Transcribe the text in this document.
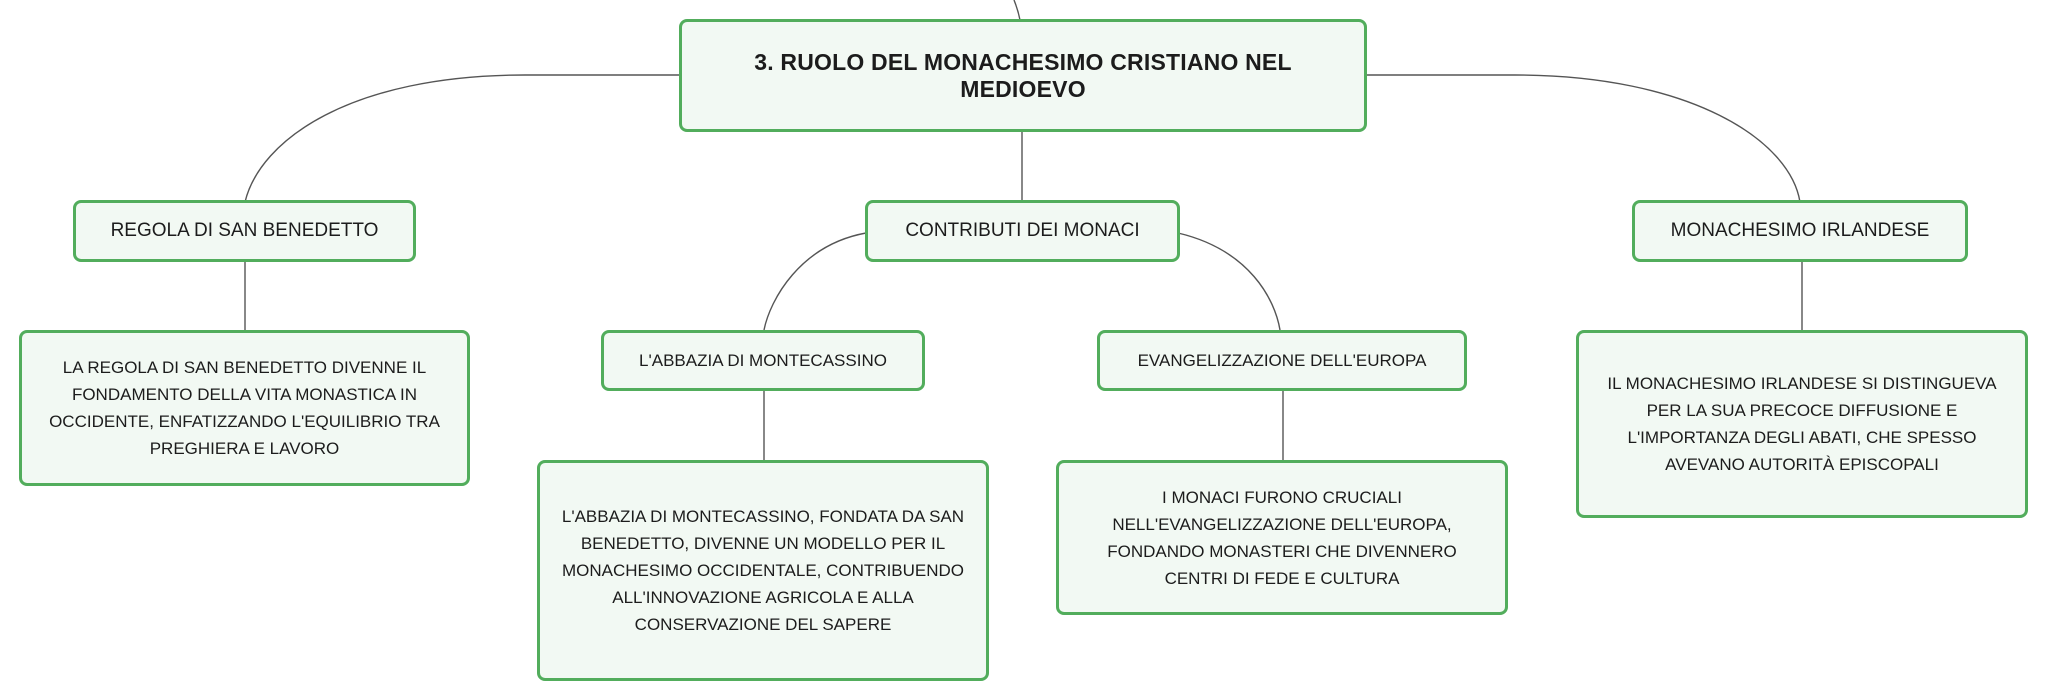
3. RUOLO DEL MONACHESIMO CRISTIANO NEL MEDIOEVO
REGOLA DI SAN BENEDETTO
LA REGOLA DI SAN BENEDETTO DIVENNE IL FONDAMENTO DELLA VITA MONASTICA IN OCCIDENTE, ENFATIZZANDO L'EQUILIBRIO TRA PREGHIERA E LAVORO
CONTRIBUTI DEI MONACI
L'ABBAZIA DI MONTECASSINO
L'ABBAZIA DI MONTECASSINO, FONDATA DA SAN BENEDETTO, DIVENNE UN MODELLO PER IL MONACHESIMO OCCIDENTALE, CONTRIBUENDO ALL'INNOVAZIONE AGRICOLA E ALLA CONSERVAZIONE DEL SAPERE
EVANGELIZZAZIONE DELL'EUROPA
I MONACI FURONO CRUCIALI NELL'EVANGELIZZAZIONE DELL'EUROPA, FONDANDO MONASTERI CHE DIVENNERO CENTRI DI FEDE E CULTURA
MONACHESIMO IRLANDESE
IL MONACHESIMO IRLANDESE SI DISTINGUEVA PER LA SUA PRECOCE DIFFUSIONE E L'IMPORTANZA DEGLI ABATI, CHE SPESSO AVEVANO AUTORITÀ EPISCOPALI
